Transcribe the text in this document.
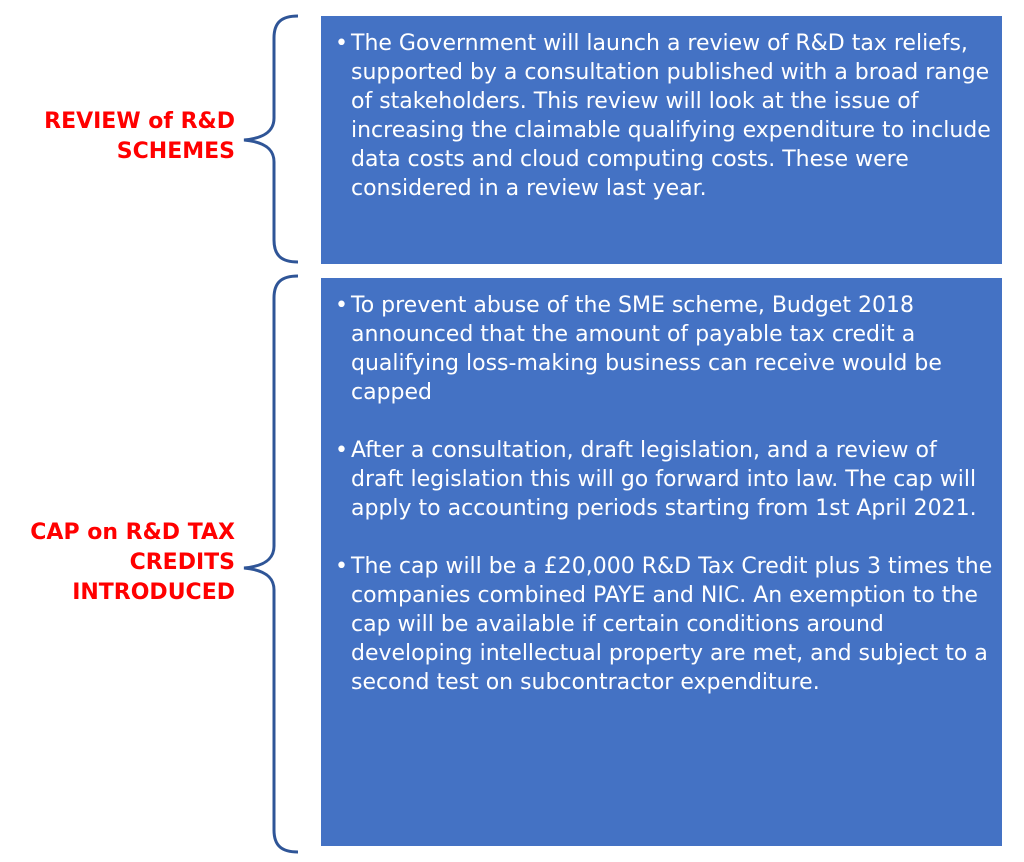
REVIEW of R&D
SCHEMES
CAP on R&D TAX
CREDITS
INTRODUCED
• The Government will launch a review of R&D tax reliefs, supported by a consultation published with a broad range of stakeholders. This review will look at the issue of increasing the claimable qualifying expenditure to include data costs and cloud computing costs. These were considered in a review last year.
• To prevent abuse of the SME scheme, Budget 2018 announced that the amount of payable tax credit a qualifying loss-making business can receive would be capped
• After a consultation, draft legislation, and a review of draft legislation this will go forward into law. The cap will apply to accounting periods starting from 1st April 2021.
• The cap will be a £20,000 R&D Tax Credit plus 3 times the companies combined PAYE and NIC. An exemption to the cap will be available if certain conditions around developing intellectual property are met, and subject to a second test on subcontractor expenditure.
